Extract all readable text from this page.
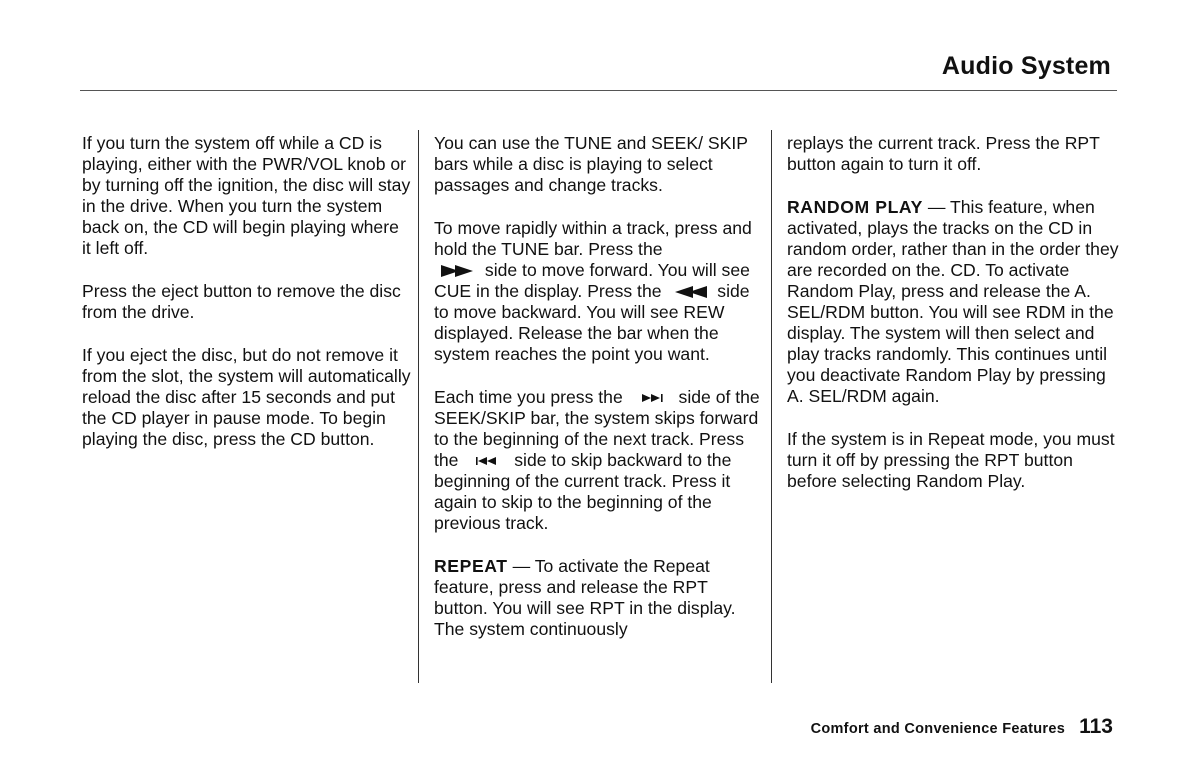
Audio System

If you turn the system off while a CD is playing, either with the PWR/VOL knob or by turning off the ignition, the disc will stay in the drive. When you turn the system back on, the CD will begin playing where it left off.

Press the eject button to remove the disc from the drive.

If you eject the disc, but do not remove it from the slot, the system will automatically reload the disc after 15 seconds and put the CD player in pause mode. To begin playing the disc, press the CD button.

You can use the TUNE and SEEK/ SKIP bars while a disc is playing to select passages and change tracks.

To move rapidly within a track, press and hold the TUNE bar. Press the

side to move forward. You will see CUE in the display. Press the	side to move backward. You will see REW displayed. Release the bar when the system reaches the point you want.

Each time you press the	side of the SEEK/SKIP bar, the system skips forward to the beginning of the next track. Press the	side to skip backward to the beginning of the current track. Press it again to skip to the beginning of the previous track.

REPEAT — To activate the Repeat feature, press and release the RPT button. You will see RPT in the display. The system continuously

replays the current track. Press the RPT button again to turn it off.

RANDOM PLAY — This feature, when activated, plays the tracks on the CD in random order, rather than in the order they are recorded on the. CD. To activate Random Play, press and release the A. SEL/RDM button. You will see RDM in the display. The system will then select and play tracks randomly. This continues until you deactivate Random Play by pressing A. SEL/RDM again.

If the system is in Repeat mode, you must turn it off by pressing the RPT button before selecting Random Play.

Comfort and Convenience Features 113
